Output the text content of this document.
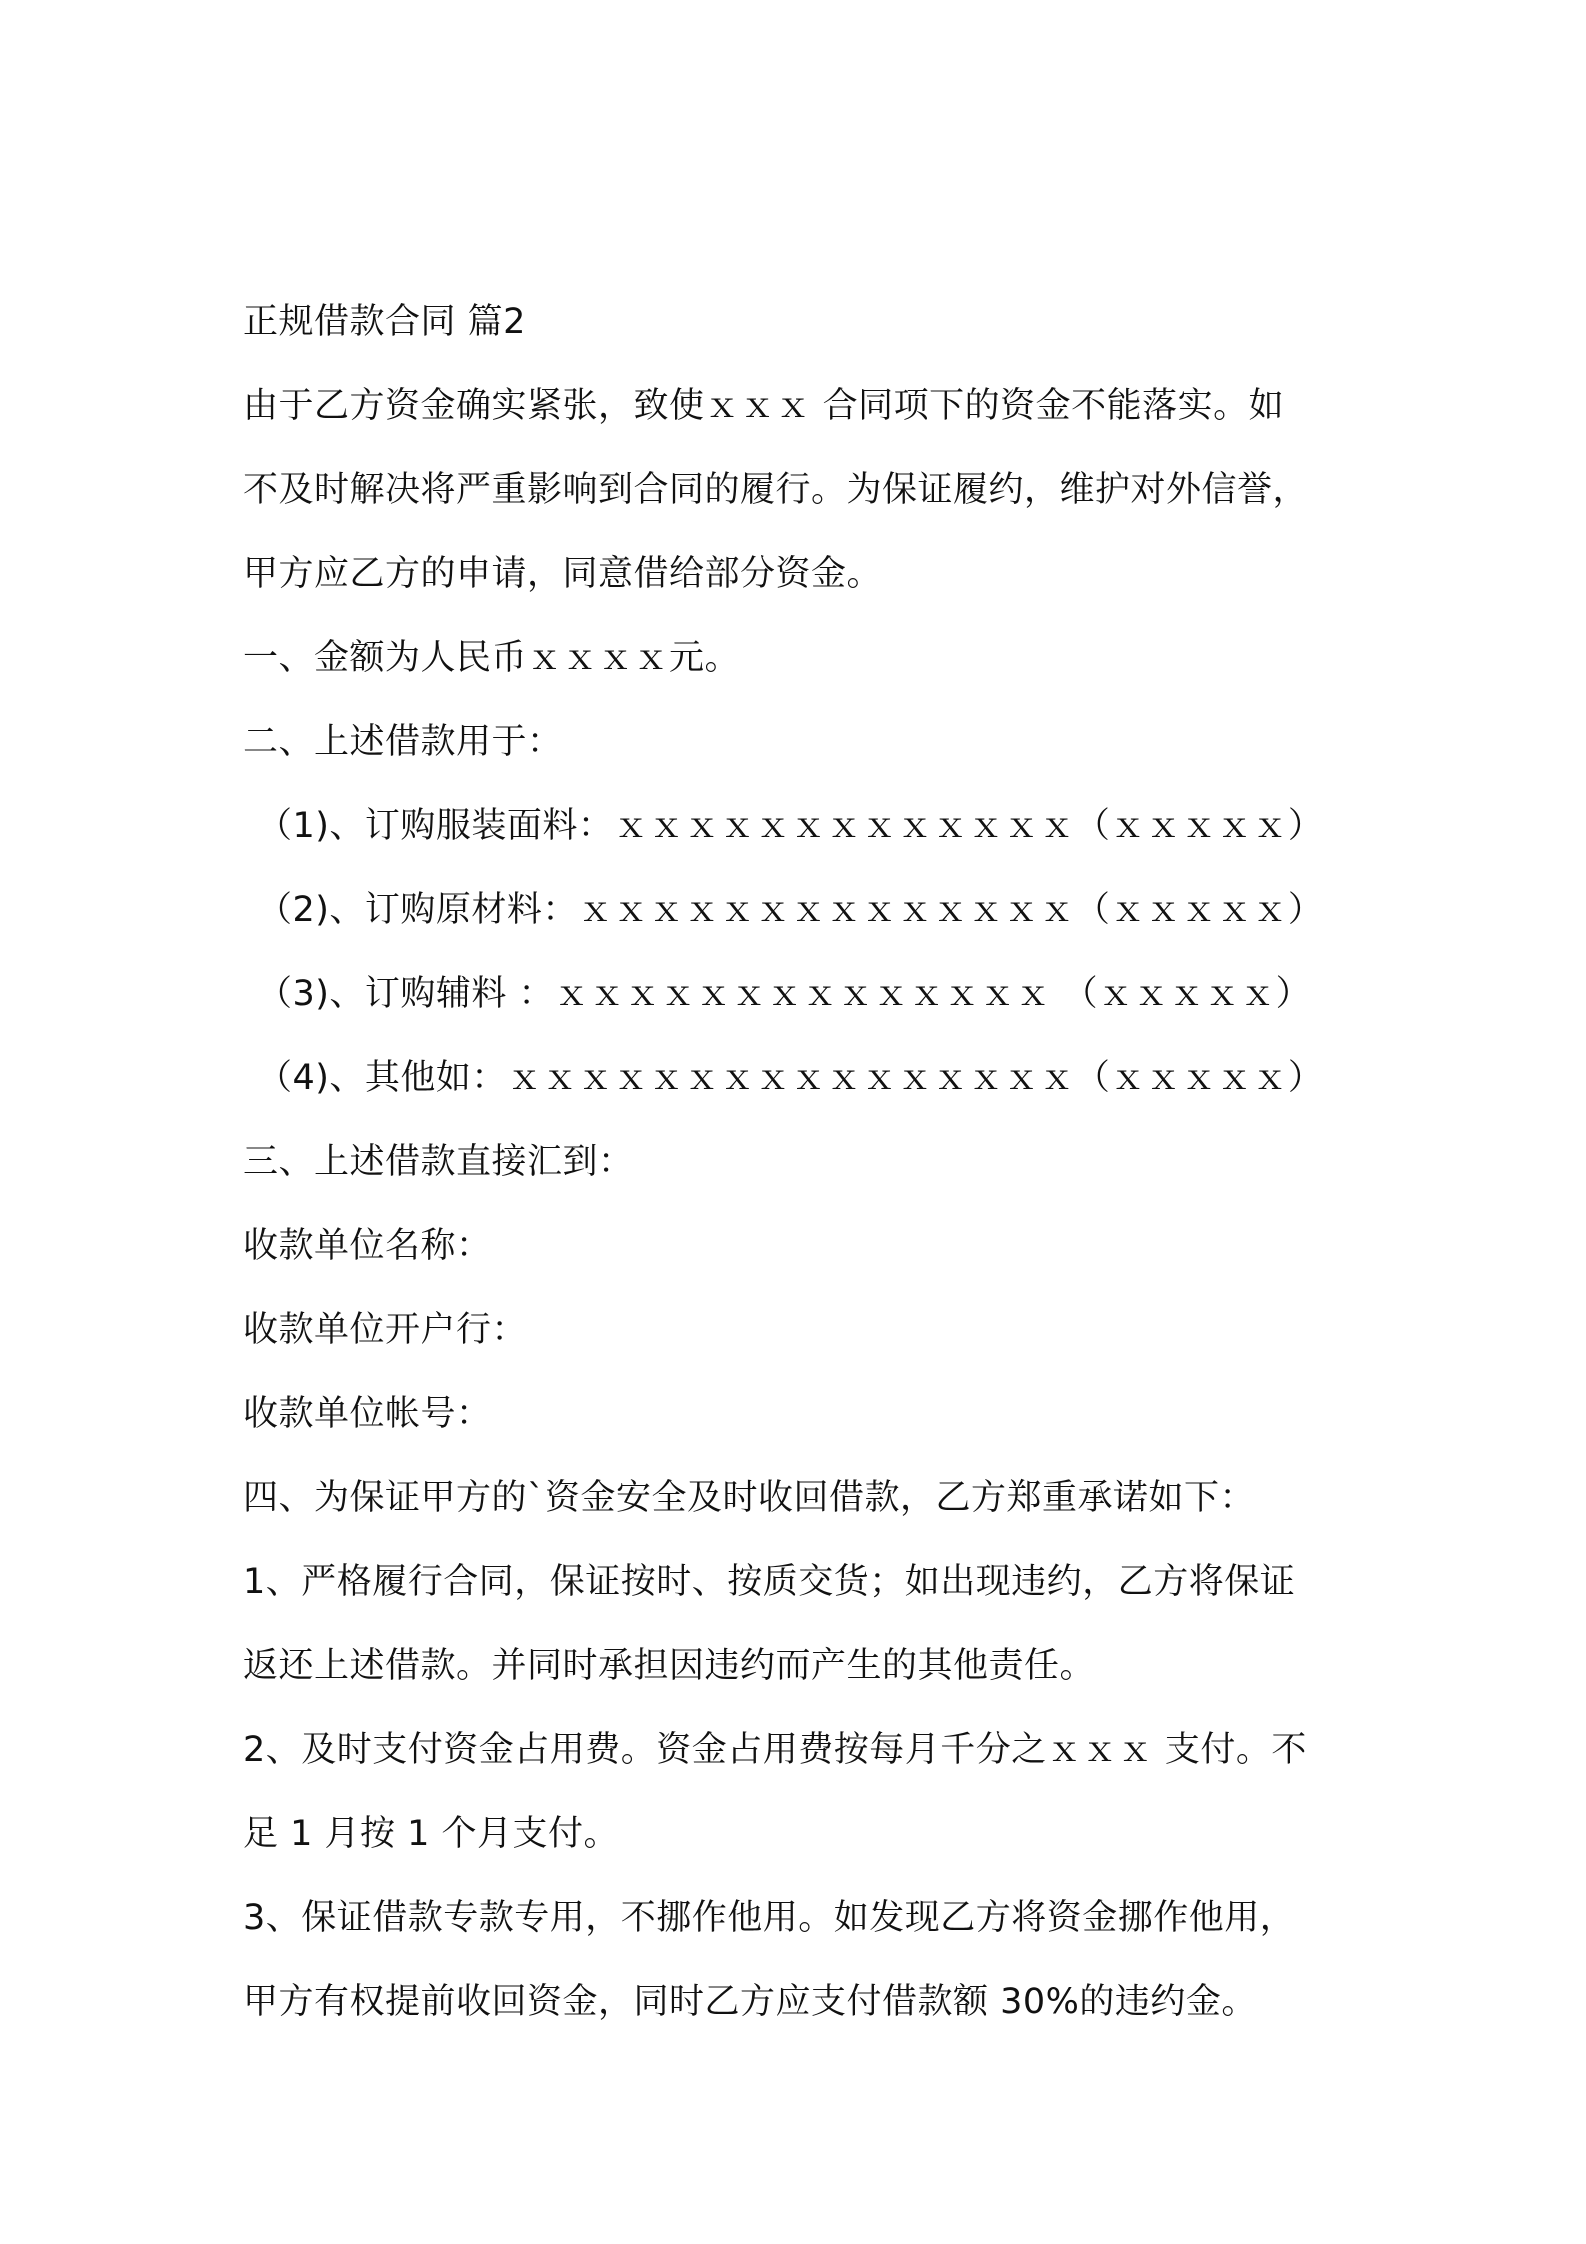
正规借款合同 篇2
由于乙方资金确实紧张，致使ｘｘｘ 合同项下的资金不能落实。如
不及时解决将严重影响到合同的履行。为保证履约，维护对外信誉，
甲方应乙方的申请，同意借给部分资金。
一、金额为人民币ｘｘｘｘ元。
二、上述借款用于：
（1)、订购服装面料：ｘｘｘｘｘｘｘｘｘｘｘｘｘ（ｘｘｘｘｘ）
（2)、订购原材料：ｘｘｘｘｘｘｘｘｘｘｘｘｘｘ（ｘｘｘｘｘ）
（3)、订购辅料 ：ｘｘｘｘｘｘｘｘｘｘｘｘｘｘ （ｘｘｘｘｘ）
（4)、其他如：ｘｘｘｘｘｘｘｘｘｘｘｘｘｘｘｘ（ｘｘｘｘｘ）
三、上述借款直接汇到：
收款单位名称：
收款单位开户行：
收款单位帐号：
四、为保证甲方的`资金安全及时收回借款，乙方郑重承诺如下：
1、严格履行合同，保证按时、按质交货；如出现违约，乙方将保证
返还上述借款。并同时承担因违约而产生的其他责任。
2、及时支付资金占用费。资金占用费按每月千分之ｘｘｘ 支付。不
足 1 月按 1 个月支付。
3、保证借款专款专用，不挪作他用。如发现乙方将资金挪作他用，
甲方有权提前收回资金，同时乙方应支付借款额 30%的违约金。
